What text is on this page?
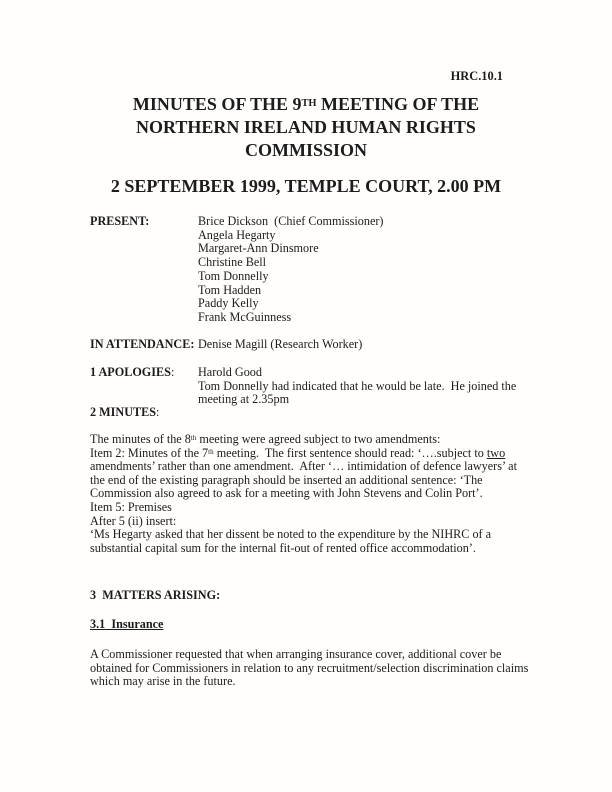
HRC.10.1
MINUTES OF THE 9TH MEETING OF THE
NORTHERN IRELAND HUMAN RIGHTS
COMMISSION
2 SEPTEMBER 1999, TEMPLE COURT, 2.00 PM
PRESENT:	Brice Dickson  (Chief Commissioner)
Angela Hegarty
Margaret-Ann Dinsmore
Christine Bell
Tom Donnelly
Tom Hadden
Paddy Kelly
Frank McGuinness
IN ATTENDANCE: Denise Magill (Research Worker)
1 APOLOGIES:	Harold Good
Tom Donnelly had indicated that he would be late.  He joined the
meeting at 2.35pm
2 MINUTES:
The minutes of the 8th meeting were agreed subject to two amendments:
Item 2: Minutes of the 7th meeting.  The first sentence should read: ‘….subject to two
amendments’ rather than one amendment.  After ‘… intimidation of defence lawyers’ at
the end of the existing paragraph should be inserted an additional sentence: ‘The
Commission also agreed to ask for a meeting with John Stevens and Colin Port’.
Item 5: Premises
After 5 (ii) insert:
‘Ms Hegarty asked that her dissent be noted to the expenditure by the NIHRC of a
substantial capital sum for the internal fit-out of rented office accommodation’.
3  MATTERS ARISING:
3.1  Insurance
A Commissioner requested that when arranging insurance cover, additional cover be
obtained for Commissioners in relation to any recruitment/selection discrimination claims
which may arise in the future.
